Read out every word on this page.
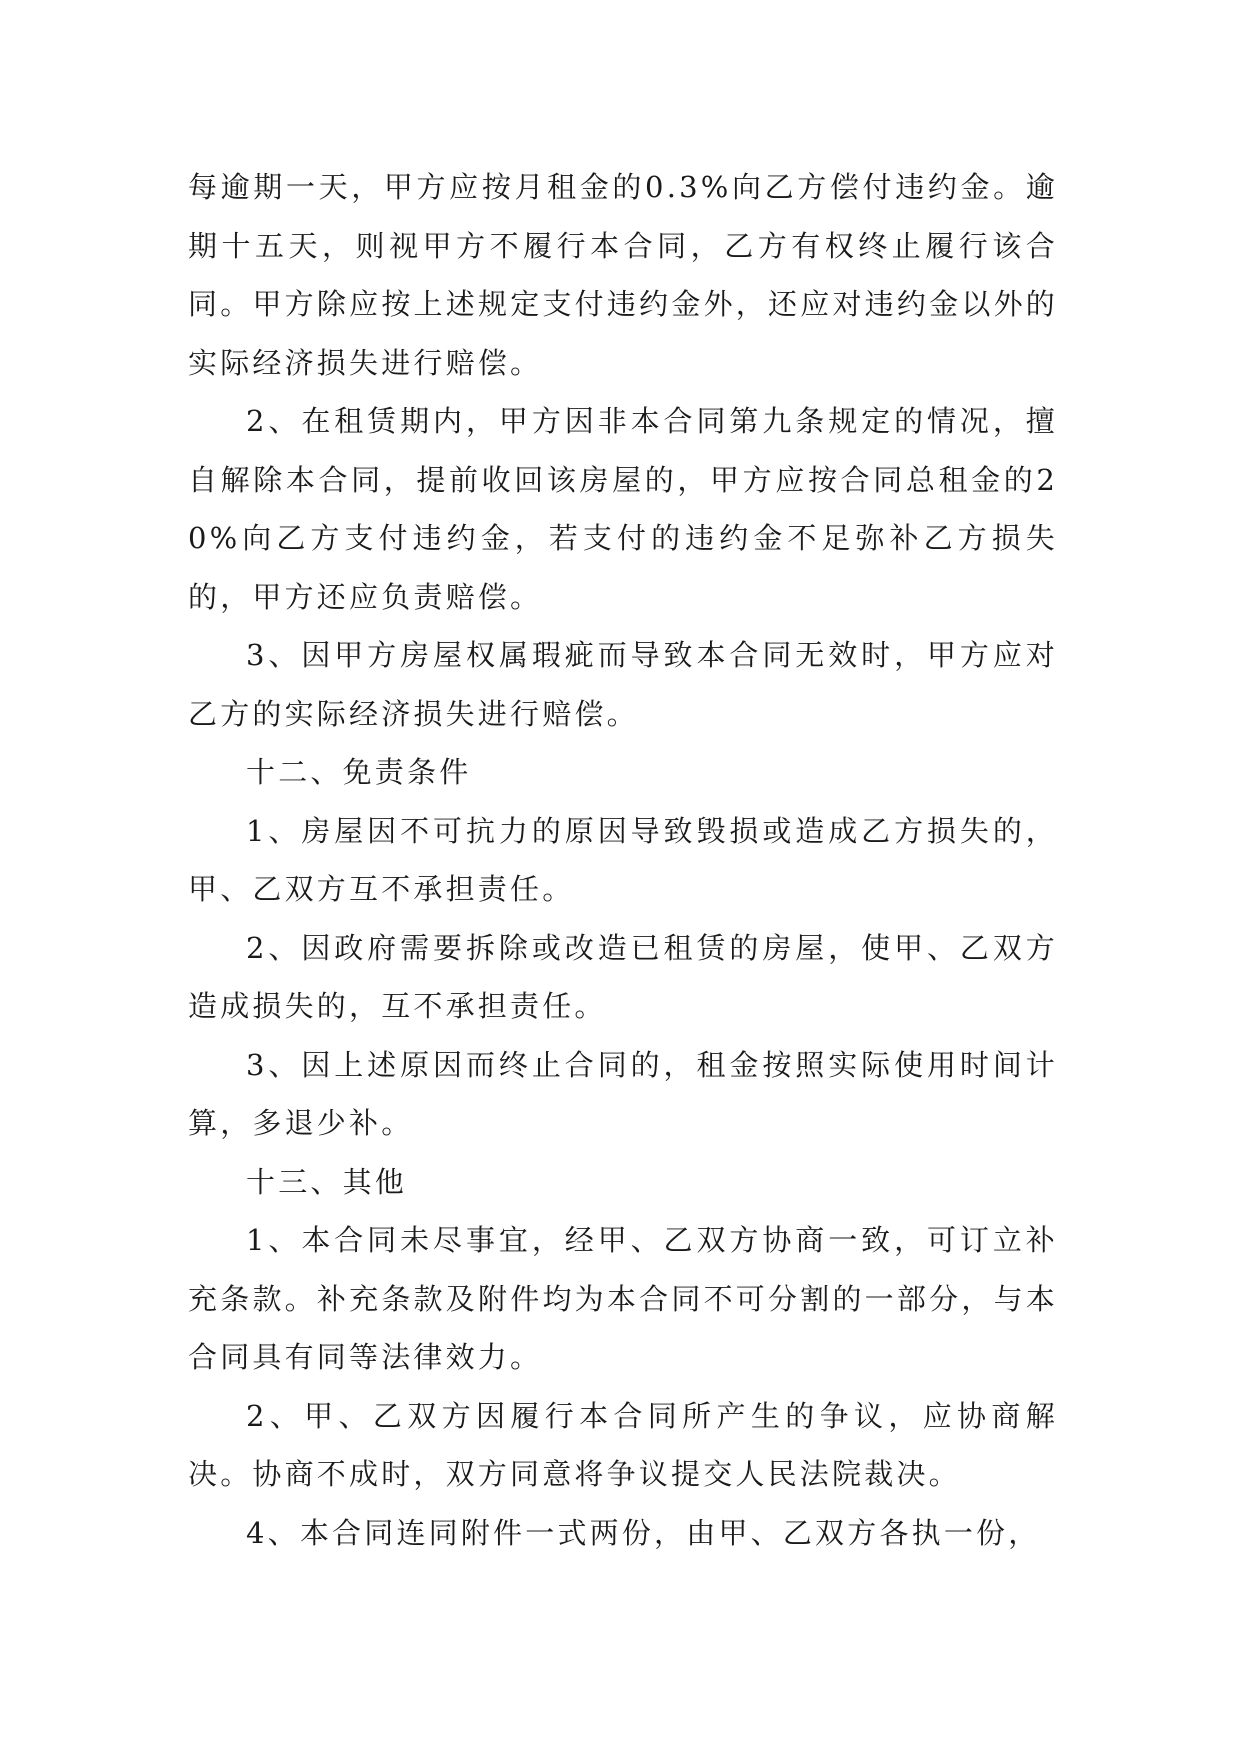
每逾期一天，甲方应按月租金的0.3%向乙方偿付违约金。逾期十五天，则视甲方不履行本合同，乙方有权终止履行该合同。甲方除应按上述规定支付违约金外，还应对违约金以外的实际经济损失进行赔偿。

2、在租赁期内，甲方因非本合同第九条规定的情况，擅自解除本合同，提前收回该房屋的，甲方应按合同总租金的20%向乙方支付违约金，若支付的违约金不足弥补乙方损失的，甲方还应负责赔偿。

3、因甲方房屋权属瑕疵而导致本合同无效时，甲方应对乙方的实际经济损失进行赔偿。

十二、免责条件

1、房屋因不可抗力的原因导致毁损或造成乙方损失的，甲、乙双方互不承担责任。

2、因政府需要拆除或改造已租赁的房屋，使甲、乙双方造成损失的，互不承担责任。

3、因上述原因而终止合同的，租金按照实际使用时间计算，多退少补。

十三、其他

1、本合同未尽事宜，经甲、乙双方协商一致，可订立补充条款。补充条款及附件均为本合同不可分割的一部分，与本合同具有同等法律效力。

2、甲、乙双方因履行本合同所产生的争议，应协商解决。协商不成时，双方同意将争议提交人民法院裁决。

4、本合同连同附件一式两份，由甲、乙双方各执一份，
